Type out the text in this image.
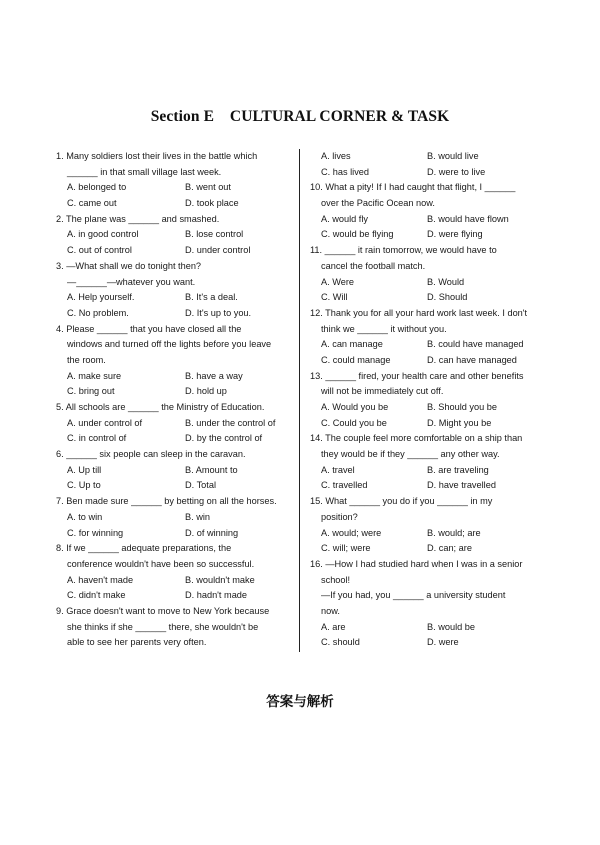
Section E    CULTURAL CORNER & TASK
1. Many soldiers lost their lives in the battle which
______ in that small village last week.
A. belonged to	B. went out
C. came out	D. took place
2. The plane was ______ and smashed.
A. in good control	B. lose control
C. out of control	D. under control
3. —What shall we do tonight then?
—______—whatever you want.
A. Help yourself.	B. It's a deal.
C. No problem.	D. It's up to you.
4. Please ______ that you have closed all the
windows and turned off the lights before you leave
the room.
A. make sure	B. have a way
C. bring out	D. hold up
5. All schools are ______ the Ministry of Education.
A. under control of	B. under the control of
C. in control of	D. by the control of
6. ______ six people can sleep in the caravan.
A. Up till	B. Amount to
C. Up to	D. Total
7. Ben made sure ______ by betting on all the horses.
A. to win	B. win
C. for winning	D. of winning
8. If we ______ adequate preparations, the
conference wouldn't have been so successful.
A. haven't made	B. wouldn't make
C. didn't make	D. hadn't made
9. Grace doesn't want to move to New York because
she thinks if she ______ there, she wouldn't be
able to see her parents very often.
A. lives	B. would live
C. has lived	D. were to live
10. What a pity! If I had caught that flight, I ______
over the Pacific Ocean now.
A. would fly	B. would have flown
C. would be flying	D. were flying
11. ______ it rain tomorrow, we would have to
cancel the football match.
A. Were	B. Would
C. Will	D. Should
12. Thank you for all your hard work last week. I don't
think we ______ it without you.
A. can manage	B. could have managed
C. could manage	D. can have managed
13. ______ fired, your health care and other benefits
will not be immediately cut off.
A. Would you be	B. Should you be
C. Could you be	D. Might you be
14. The couple feel more comfortable on a ship than
they would be if they ______ any other way.
A. travel	B. are traveling
C. travelled	D. have travelled
15. What ______ you do if you ______ in my
position?
A. would; were	B. would; are
C. will; were	D. can; are
16. —How I had studied hard when I was in a senior
school!
—If you had, you ______ a university student
now.
A. are	B. would be
C. should	D. were
答案与解析
